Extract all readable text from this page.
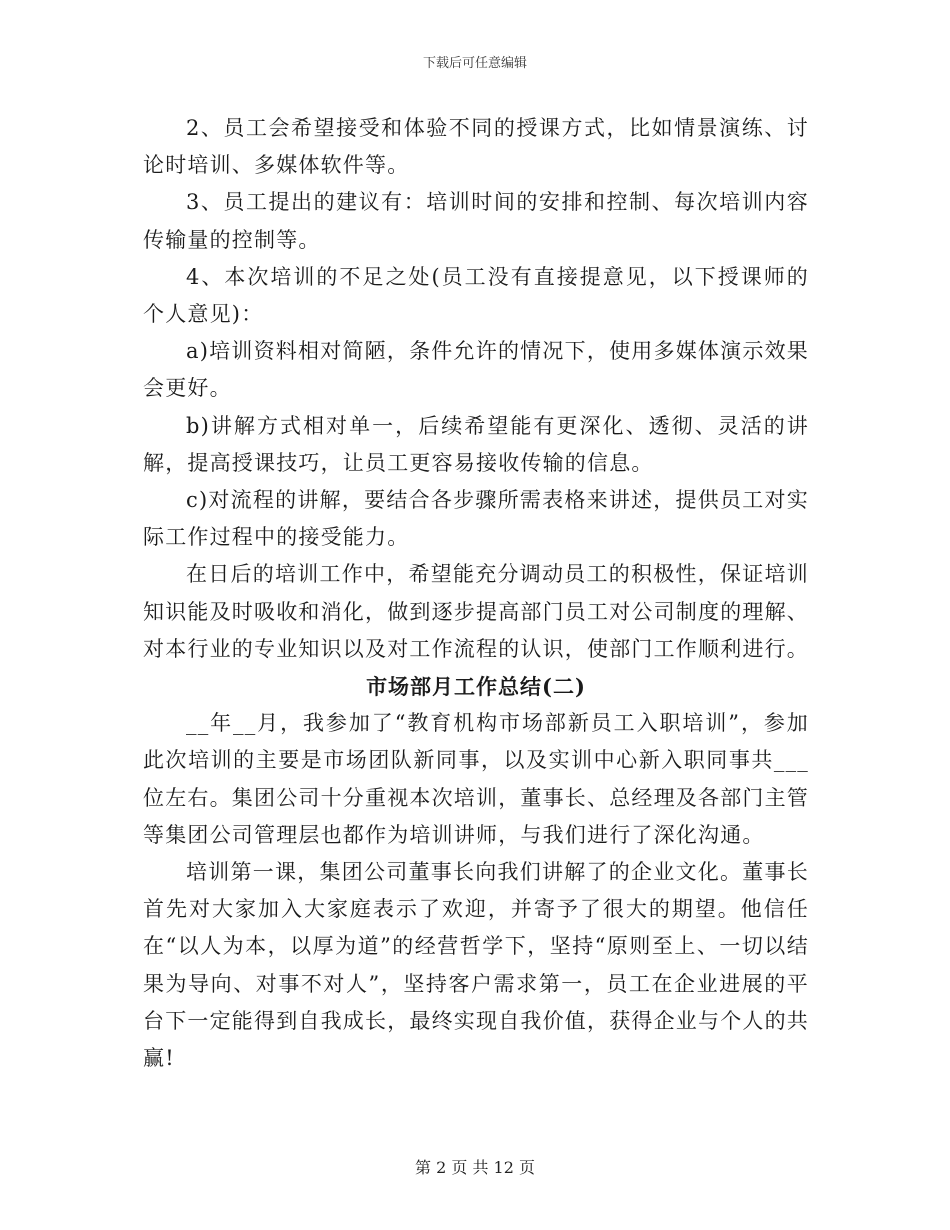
下载后可任意编辑

2、员工会希望接受和体验不同的授课方式，比如情景演练、讨论时培训、多媒体软件等。

3、员工提出的建议有：培训时间的安排和控制、每次培训内容传输量的控制等。

4、本次培训的不足之处(员工没有直接提意见，以下授课师的个人意见)：

a)培训资料相对简陋，条件允许的情况下，使用多媒体演示效果会更好。

b)讲解方式相对单一，后续希望能有更深化、透彻、灵活的讲解，提高授课技巧，让员工更容易接收传输的信息。

c)对流程的讲解，要结合各步骤所需表格来讲述，提供员工对实际工作过程中的接受能力。

在日后的培训工作中，希望能充分调动员工的积极性，保证培训知识能及时吸收和消化，做到逐步提高部门员工对公司制度的理解、对本行业的专业知识以及对工作流程的认识，使部门工作顺利进行。

市场部月工作总结(二)

__年__月，我参加了“教育机构市场部新员工入职培训”，参加此次培训的主要是市场团队新同事，以及实训中心新入职同事共___位左右。集团公司十分重视本次培训，董事长、总经理及各部门主管等集团公司管理层也都作为培训讲师，与我们进行了深化沟通。

培训第一课，集团公司董事长向我们讲解了的企业文化。董事长首先对大家加入大家庭表示了欢迎，并寄予了很大的期望。他信任在“以人为本，以厚为道”的经营哲学下，坚持“原则至上、一切以结果为导向、对事不对人”，坚持客户需求第一，员工在企业进展的平台下一定能得到自我成长，最终实现自我价值，获得企业与个人的共赢!

第 2 页 共 12 页
